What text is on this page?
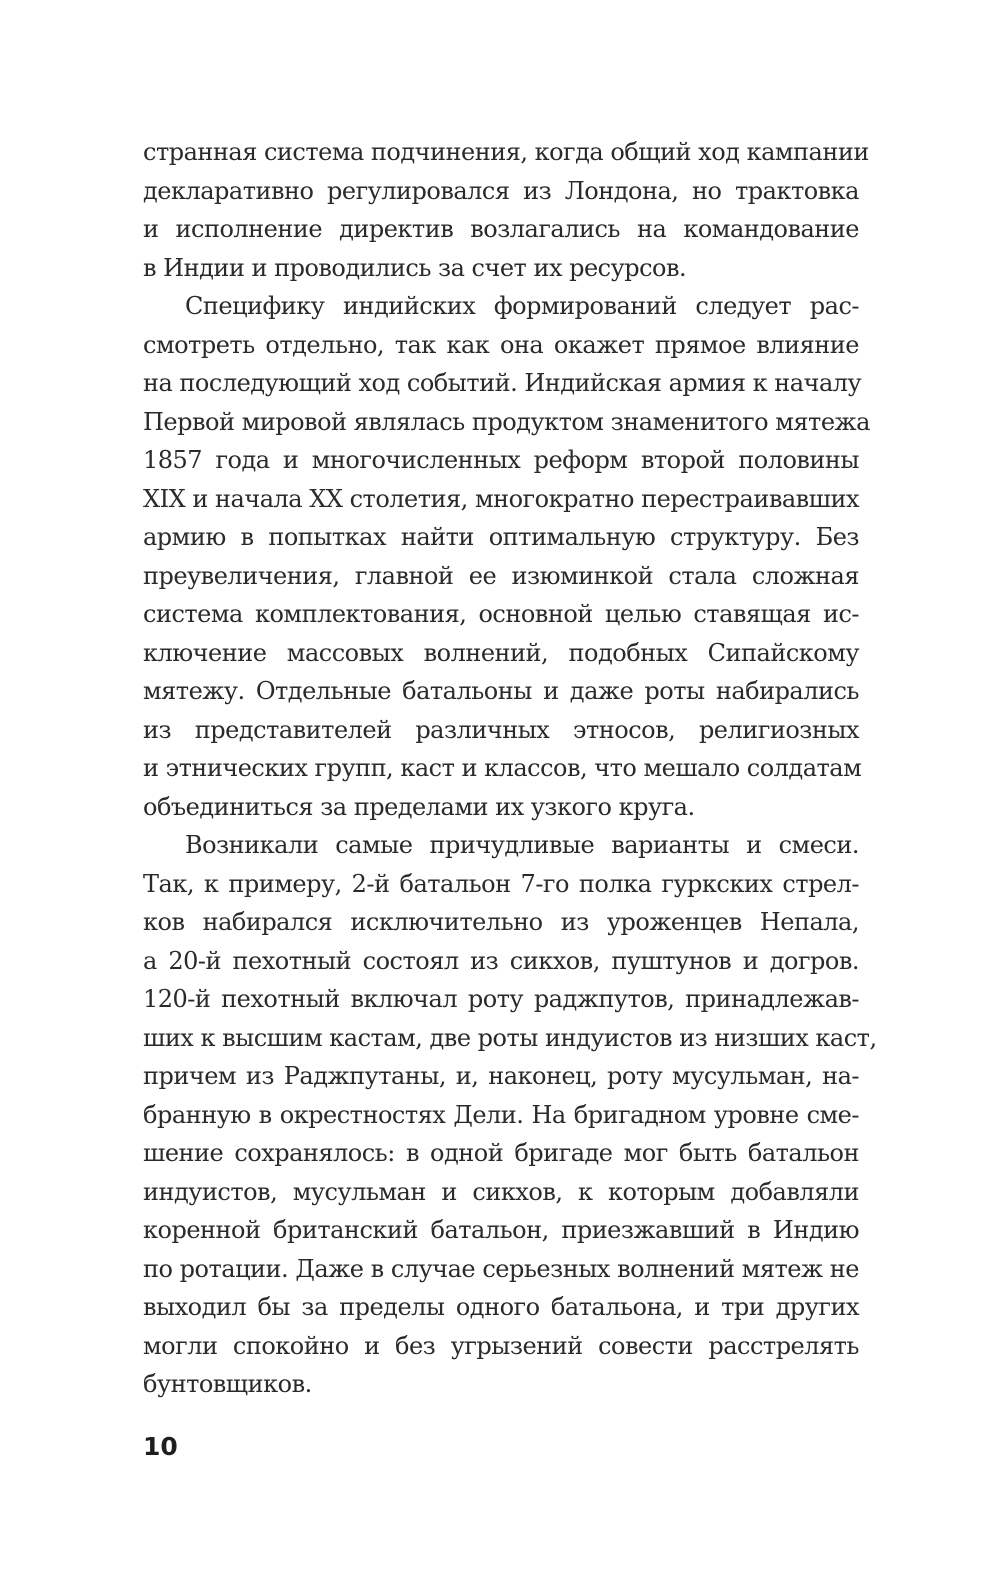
странная система подчинения, когда общий ход кампании
декларативно регулировался из Лондона, но трактовка
и исполнение директив возлагались на командование
в Индии и проводились за счет их ресурсов.
Специфику индийских формирований следует рас-
смотреть отдельно, так как она окажет прямое влияние
на последующий ход событий. Индийская армия к началу
Первой мировой являлась продуктом знаменитого мятежа
1857 года и многочисленных реформ второй половины
XIX и начала XX столетия, многократно перестраивавших
армию в попытках найти оптимальную структуру. Без
преувеличения, главной ее изюминкой стала сложная
система комплектования, основной целью ставящая ис-
ключение массовых волнений, подобных Сипайскому
мятежу. Отдельные батальоны и даже роты набирались
из представителей различных этносов, религиозных
и этнических групп, каст и классов, что мешало солдатам
объединиться за пределами их узкого круга.
Возникали самые причудливые варианты и смеси.
Так, к примеру, 2-й батальон 7-го полка гуркских стрел-
ков набирался исключительно из уроженцев Непала,
а 20-й пехотный состоял из сикхов, пуштунов и догров.
120-й пехотный включал роту раджпутов, принадлежав-
ших к высшим кастам, две роты индуистов из низших каст,
причем из Раджпутаны, и, наконец, роту мусульман, на-
бранную в окрестностях Дели. На бригадном уровне сме-
шение сохранялось: в одной бригаде мог быть батальон
индуистов, мусульман и сикхов, к которым добавляли
коренной британский батальон, приезжавший в Индию
по ротации. Даже в случае серьезных волнений мятеж не
выходил бы за пределы одного батальона, и три других
могли спокойно и без угрызений совести расстрелять
бунтовщиков.
10
